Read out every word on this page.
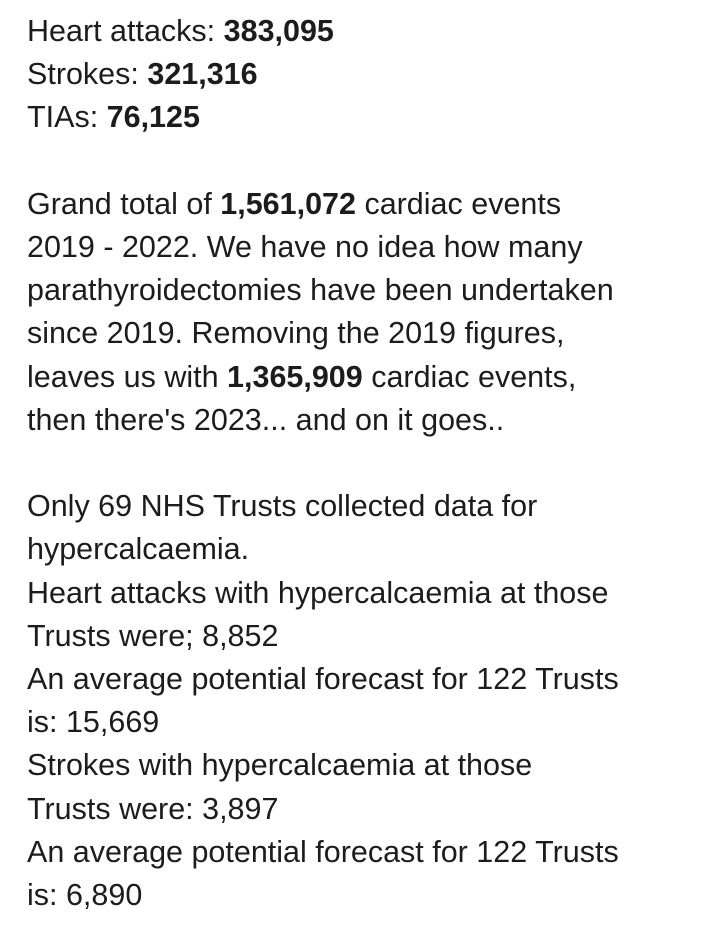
Heart attacks: 383,095

Strokes: 321,316

TIAs: 76,125

Grand total of 1,561,072 cardiac events

2019 - 2022. We have no idea how many

parathyroidectomies have been undertaken

since 2019. Removing the 2019 figures,

leaves us with 1,365,909 cardiac events,

then there's 2023... and on it goes..

Only 69 NHS Trusts collected data for

hypercalcaemia.

Heart attacks with hypercalcaemia at those

Trusts were; 8,852

An average potential forecast for 122 Trusts

is: 15,669

Strokes with hypercalcaemia at those

Trusts were: 3,897

An average potential forecast for 122 Trusts

is: 6,890
